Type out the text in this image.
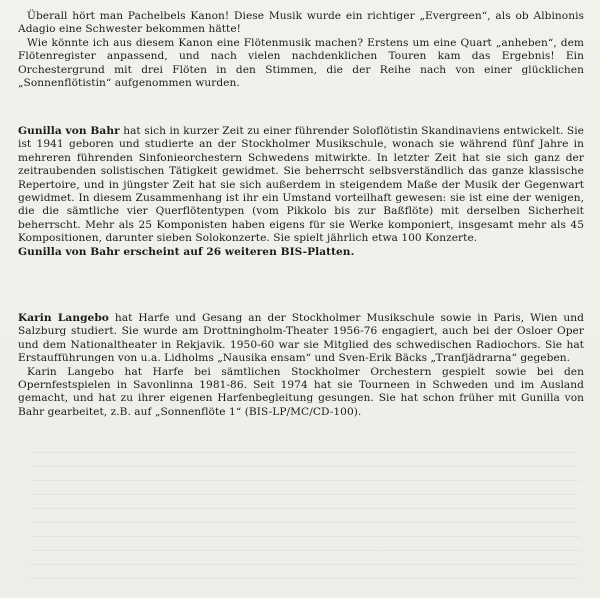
Überall hört man Pachelbels Kanon! Diese Musik wurde ein richtiger „Evergreen“, als ob Albinonis Adagio eine Schwester bekommen hätte!

Wie könnte ich aus diesem Kanon eine Flötenmusik machen? Erstens um eine Quart „anheben“, dem Flötenregister anpassend, und nach vielen nachdenklichen Touren kam das Ergebnis! Ein Orchestergrund mit drei Flöten in den Stimmen, die der Reihe nach von einer glücklichen „Sonnenflötistin“ aufgenommen wurden.

Gunilla von Bahr hat sich in kurzer Zeit zu einer führender Soloflötistin Skandinaviens entwickelt. Sie ist 1941 geboren und studierte an der Stockholmer Musikschule, wonach sie während fünf Jahre in mehreren führenden Sinfonieorchestern Schwedens mitwirkte. In letzter Zeit hat sie sich ganz der zeitraubenden solistischen Tätigkeit gewidmet. Sie beherrscht selbsverständlich das ganze klassische Repertoire, und in jüngster Zeit hat sie sich außerdem in steigendem Maße der Musik der Gegenwart gewidmet. In diesem Zusammenhang ist ihr ein Umstand vorteilhaft gewesen: sie ist eine der wenigen, die die sämtliche vier Querflötentypen (vom Pikkolo bis zur Baßflöte) mit derselben Sicherheit beherrscht. Mehr als 25 Komponisten haben eigens für sie Werke komponiert, insgesamt mehr als 45 Kompositionen, darunter sieben Solokonzerte. Sie spielt jährlich etwa 100 Konzerte.

Gunilla von Bahr erscheint auf 26 weiteren BIS-Platten.

Karin Langebo hat Harfe und Gesang an der Stockholmer Musikschule sowie in Paris, Wien und Salzburg studiert. Sie wurde am Drottningholm-Theater 1956-76 engagiert, auch bei der Osloer Oper und dem Nationaltheater in Rekjavik. 1950-60 war sie Mitglied des schwedischen Radiochors. Sie hat Erstaufführungen von u.a. Lidholms „Nausika ensam“ und Sven-Erik Bäcks „Tranfjädrarna“ gegeben.

Karin Langebo hat Harfe bei sämtlichen Stockholmer Orchestern gespielt sowie bei den Opernfestspielen in Savonlinna 1981-86. Seit 1974 hat sie Tourneen in Schweden und im Ausland gemacht, und hat zu ihrer eigenen Harfenbegleitung gesungen. Sie hat schon früher mit Gunilla von Bahr gearbeitet, z.B. auf „Sonnenflöte 1“ (BIS-LP/MC/CD-100).
